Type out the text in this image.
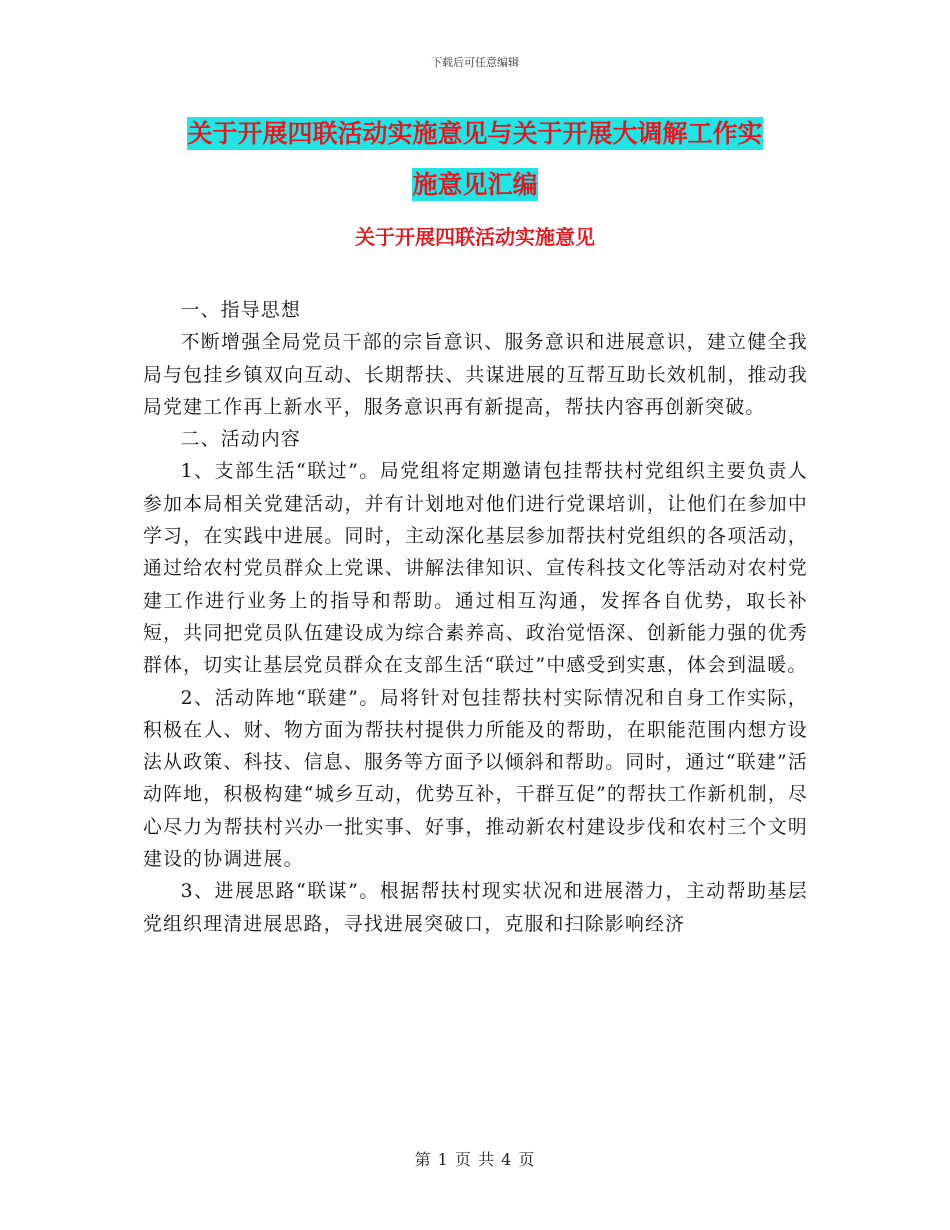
下载后可任意编辑
关于开展四联活动实施意见与关于开展大调解工作实
施意见汇编
关于开展四联活动实施意见

一、指导思想

不断增强全局党员干部的宗旨意识、服务意识和进展意识，建立健全我局与包挂乡镇双向互动、长期帮扶、共谋进展的互帮互助长效机制，推动我局党建工作再上新水平，服务意识再有新提高，帮扶内容再创新突破。

二、活动内容

1、支部生活“联过”。局党组将定期邀请包挂帮扶村党组织主要负责人参加本局相关党建活动，并有计划地对他们进行党课培训，让他们在参加中学习，在实践中进展。同时，主动深化基层参加帮扶村党组织的各项活动，通过给农村党员群众上党课、讲解法律知识、宣传科技文化等活动对农村党建工作进行业务上的指导和帮助。通过相互沟通，发挥各自优势，取长补短，共同把党员队伍建设成为综合素养高、政治觉悟深、创新能力强的优秀群体，切实让基层党员群众在支部生活“联过”中感受到实惠，体会到温暖。

2、活动阵地“联建”。局将针对包挂帮扶村实际情况和自身工作实际，积极在人、财、物方面为帮扶村提供力所能及的帮助，在职能范围内想方设法从政策、科技、信息、服务等方面予以倾斜和帮助。同时，通过“联建”活动阵地，积极构建“城乡互动，优势互补，干群互促”的帮扶工作新机制，尽心尽力为帮扶村兴办一批实事、好事，推动新农村建设步伐和农村三个文明建设的协调进展。

3、进展思路“联谋”。根据帮扶村现实状况和进展潜力，主动帮助基层党组织理清进展思路，寻找进展突破口，克服和扫除影响经济

第 1 页 共 4 页
